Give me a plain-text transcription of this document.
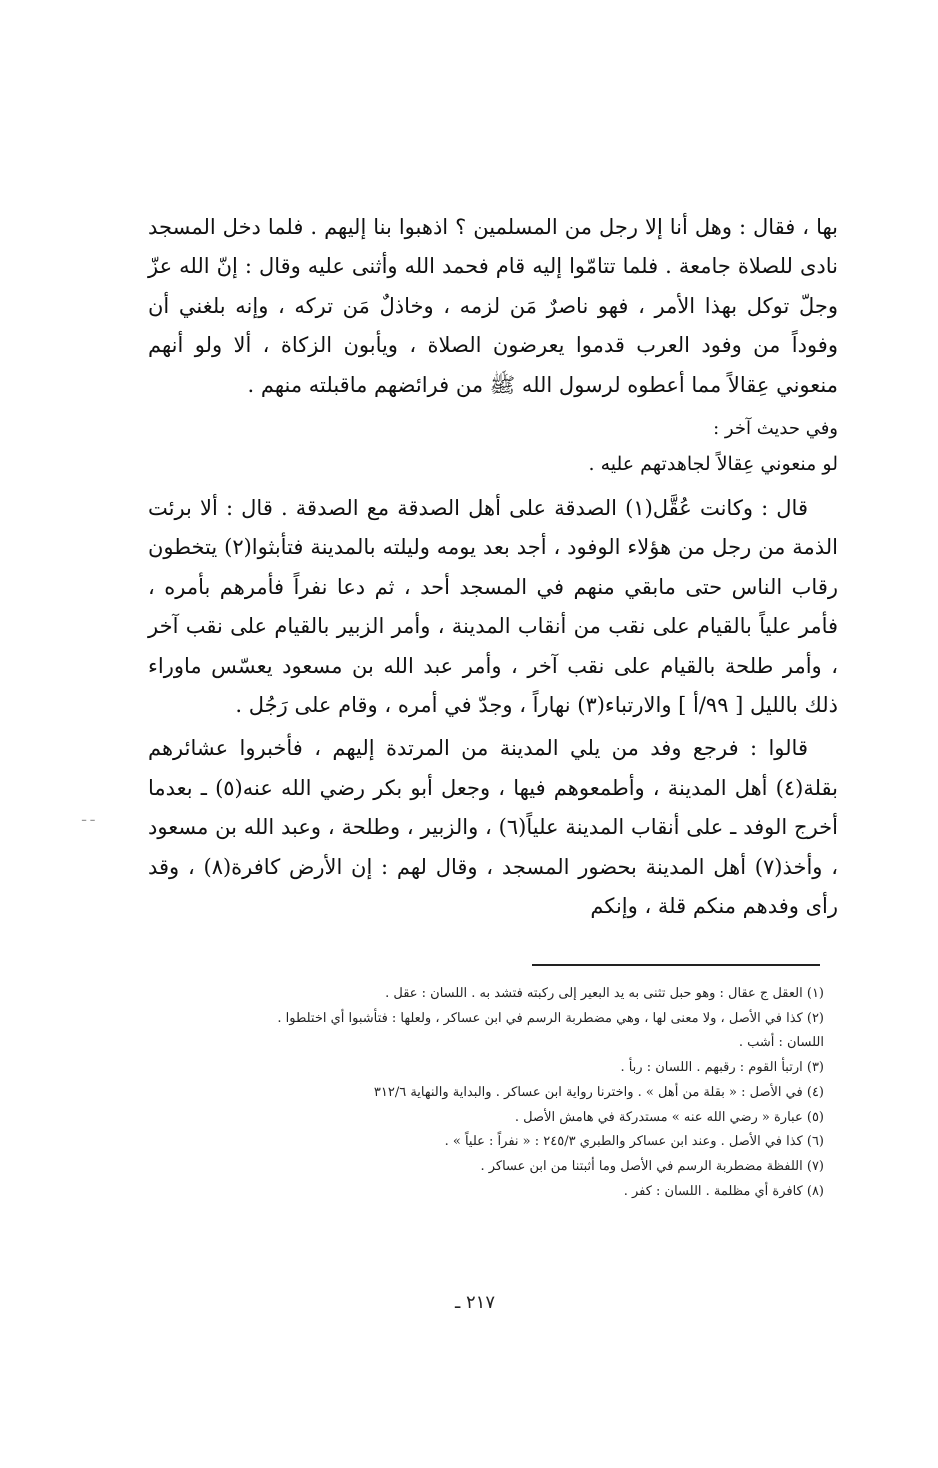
بها ، فقال : وهل أنا إلا رجل من المسلمين ؟ اذهبوا بنا إليهم . فلما دخل المسجد نادى للصلاة جامعة . فلما تتامّوا إليه قام فحمد الله وأثنى عليه وقال : إنّ الله عزّ وجلّ توكل بهذا الأمر ، فهو ناصرٌ مَن لزمه ، وخاذلٌ مَن تركه ، وإنه بلغني أن وفوداً من وفود العرب قدموا يعرضون الصلاة ، ويأبون الزكاة ، ألا ولو أنهم منعوني عِقالاً مما أعطوه لرسول الله ﷺ من فرائضهم ماقبلته منهم .

وفي حديث آخر :

لو منعوني عِقالاً لجاهدتهم عليه .

قال : وكانت عُقَّل(١) الصدقة على أهل الصدقة مع الصدقة . قال : ألا برئت الذمة من رجل من هؤلاء الوفود ، أجد بعد يومه وليلته بالمدينة فتأبثوا(٢) يتخطون رقاب الناس حتى مابقي منهم في المسجد أحد ، ثم دعا نفراً فأمرهم بأمره ، فأمر علياً بالقيام على نقب من أنقاب المدينة ، وأمر الزبير بالقيام على نقب آخر ، وأمر طلحة بالقيام على نقب آخر ، وأمر عبد الله بن مسعود يعسّس ماوراء ذلك بالليل [ ٩٩/أ ] والارتباء(٣) نهاراً ، وجدّ في أمره ، وقام على رَجُل .

قالوا : فرجع وفد من يلي المدينة من المرتدة إليهم ، فأخبروا عشائرهم بقلة(٤) أهل المدينة ، وأطمعوهم فيها ، وجعل أبو بكر رضي الله عنه(٥) ـ بعدما أخرج الوفد ـ على أنقاب المدينة علياً(٦) ، والزبير ، وطلحة ، وعبد الله بن مسعود ، وأخذ(٧) أهل المدينة بحضور المسجد ، وقال لهم : إن الأرض كافرة(٨) ، وقد رأى وفدهم منكم قلة ، وإنكم

ـ ـ

(١) العقل ج عقال : وهو حبل تثنى به يد البعير إلى ركبته فتشد به . اللسان : عقل .

(٢) كذا في الأصل ، ولا معنى لها ، وهي مضطربة الرسم في ابن عساكر ، ولعلها : فتأشبوا أي اختلطوا .

اللسان : أشب .

(٣) ارتبأ القوم : رقبهم . اللسان : ربأ .

(٤) في الأصل : « بقلة من أهل » . واخترنا رواية ابن عساكر . والبداية والنهاية ٣١٢/٦

(٥) عبارة « رضي الله عنه » مستدركة في هامش الأصل .

(٦) كذا في الأصل . وعند ابن عساكر والطبري ٢٤٥/٣ : « نفراً : علياً » .

(٧) اللفظة مضطربة الرسم في الأصل وما أثبتنا من ابن عساكر .

(٨) كافرة أي مظلمة . اللسان : كفر .

٢١٧ ـ
